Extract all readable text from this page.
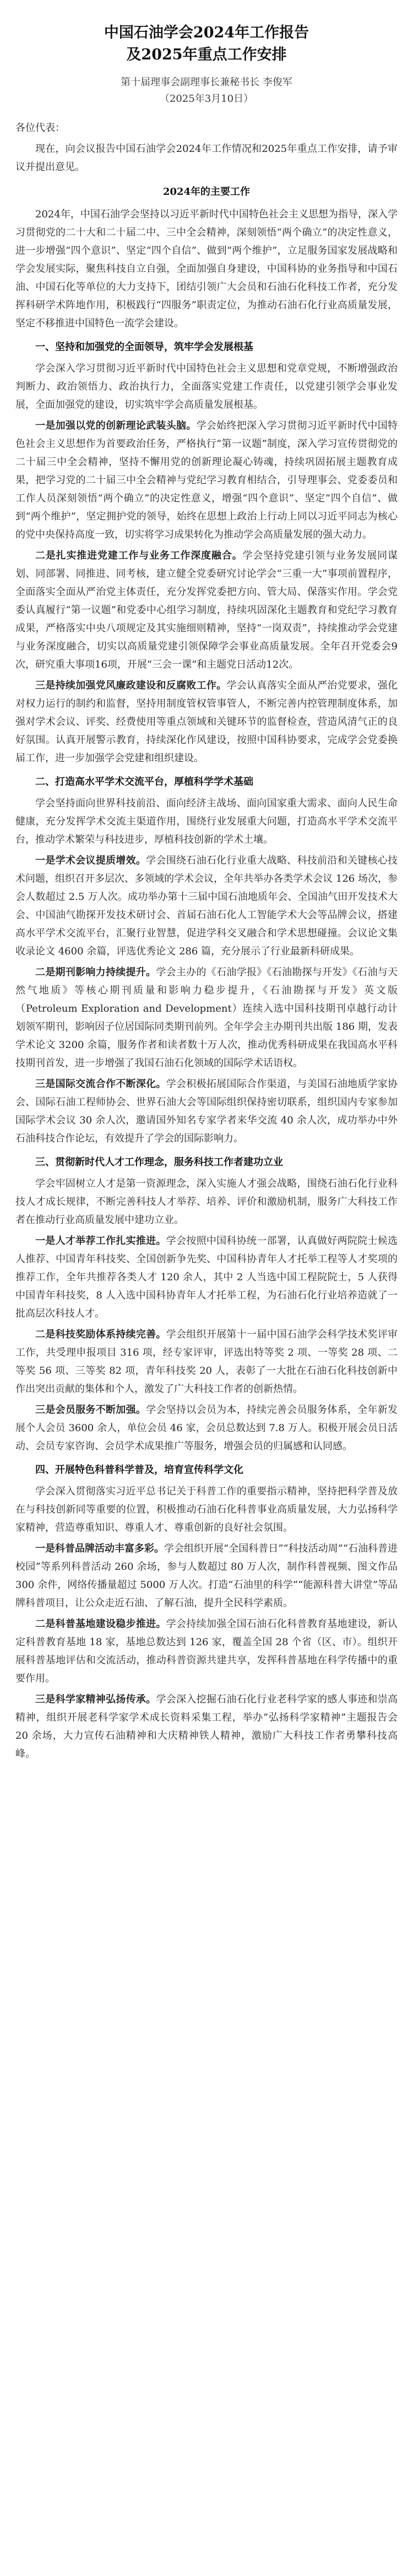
中国石油学会2024年工作报告
及2025年重点工作安排

第十届理事会副理事长兼秘书长 李俊军

（2025年3月10日）

各位代表：

现在，向会议报告中国石油学会2024年工作情况和2025年重点工作安排，请予审议并提出意见。

2024年的主要工作

2024年，中国石油学会坚持以习近平新时代中国特色社会主义思想为指导，深入学习贯彻党的二十大和二十届二中、三中全会精神，深刻领悟“两个确立”的决定性意义，进一步增强“四个意识”、坚定“四个自信”、做到“两个维护”，立足服务国家发展战略和学会发展实际，聚焦科技自立自强，全面加强自身建设，中国科协的业务指导和中国石油、中国石化等单位的大力支持下，团结引领广大会员和石油石化科技工作者，充分发挥科研学术阵地作用，积极践行“四服务”职责定位，为推动石油石化行业高质量发展，坚定不移推进中国特色一流学会建设。

一、坚持和加强党的全面领导，筑牢学会发展根基

学会深入学习贯彻习近平新时代中国特色社会主义思想和党章党规，不断增强政治判断力、政治领悟力、政治执行力，全面落实党建工作责任，以党建引领学会事业发展，全面加强党的建设，切实筑牢学会高质量发展根基。

一是加强以党的创新理论武装头脑。学会始终把深入学习贯彻习近平新时代中国特色社会主义思想作为首要政治任务，严格执行“第一议题”制度，深入学习宣传贯彻党的二十届三中全会精神，坚持不懈用党的创新理论凝心铸魂，持续巩固拓展主题教育成果，把学习党的二十届三中全会精神与党纪学习教育相结合，引导理事会、党委委员和工作人员深刻领悟“两个确立”的决定性意义，增强“四个意识”、坚定“四个自信”、做到“两个维护”，坚定拥护党的领导，始终在思想上政治上行动上同以习近平同志为核心的党中央保持高度一致，切实将学习成果转化为推动学会高质量发展的强大动力。

二是扎实推进党建工作与业务工作深度融合。学会坚持党建引领与业务发展同谋划、同部署、同推进、同考核，建立健全党委研究讨论学会“三重一大”事项前置程序，全面落实全面从严治党主体责任，充分发挥党委把方向、管大局、保落实作用。学会党委认真履行“第一议题”和党委中心组学习制度，持续巩固深化主题教育和党纪学习教育成果，严格落实中央八项规定及其实施细则精神，坚持“一岗双责”，持续推动学会党建与业务深度融合，切实以高质量党建引领保障学会事业高质量发展。全年召开党委会9次，研究重大事项16项，开展“三会一课”和主题党日活动12次。

三是持续加强党风廉政建设和反腐败工作。学会认真落实全面从严治党要求，强化对权力运行的制约和监督，坚持用制度管权管事管人，不断完善内控管理制度体系，加强对学术会议、评奖、经费使用等重点领域和关键环节的监督检查，营造风清气正的良好氛围。认真开展警示教育，持续深化作风建设，按照中国科协要求，完成学会党委换届工作，进一步加强学会党建和组织建设。

二、打造高水平学术交流平台，厚植科学学术基础

学会坚持面向世界科技前沿、面向经济主战场、面向国家重大需求、面向人民生命健康，充分发挥学术交流主渠道作用，围绕行业发展重大问题，打造高水平学术交流平台，推动学术繁荣与科技进步，厚植科技创新的学术土壤。

一是学术会议提质增效。学会围绕石油石化行业重大战略、科技前沿和关键核心技术问题，组织召开多层次、多领域的学术会议，全年共举办各类学术会议 126 场次，参会人数超过 2.5 万人次。成功举办第十三届中国石油地质年会、全国油气田开发技术大会、中国油气勘探开发技术研讨会、首届石油石化人工智能学术大会等品牌会议，搭建高水平学术交流平台，汇聚行业智慧，促进学科交叉融合和学术思想碰撞。会议论文集收录论文 4600 余篇，评选优秀论文 286 篇，充分展示了行业最新科研成果。

二是期刊影响力持续提升。学会主办的《石油学报》《石油勘探与开发》《石油与天然气地质》等核心期刊质量和影响力稳步提升，《石油勘探与开发》英文版（Petroleum Exploration and Development）连续入选中国科技期刊卓越行动计划领军期刊，影响因子位居国际同类期刊前列。全年学会主办期刊共出版 186 期，发表学术论文 3200 余篇，服务作者和读者数十万人次，推动优秀科研成果在我国高水平科技期刊首发，进一步增强了我国石油石化领域的国际学术话语权。

三是国际交流合作不断深化。学会积极拓展国际合作渠道，与美国石油地质学家协会、国际石油工程师协会、世界石油大会等国际组织保持密切联系，组织国内专家参加国际学术会议 30 余人次，邀请国外知名专家学者来华交流 40 余人次，成功举办中外石油科技合作论坛，有效提升了学会的国际影响力。

三、贯彻新时代人才工作理念，服务科技工作者建功立业

学会牢固树立人才是第一资源理念，深入实施人才强会战略，围绕石油石化行业科技人才成长规律，不断完善科技人才举荐、培养、评价和激励机制，服务广大科技工作者在推动行业高质量发展中建功立业。

一是人才举荐工作扎实推进。学会按照中国科协统一部署，认真做好两院院士候选人推荐、中国青年科技奖、全国创新争先奖、中国科协青年人才托举工程等人才奖项的推荐工作，全年共推荐各类人才 120 余人，其中 2 人当选中国工程院院士，5 人获得中国青年科技奖，8 人入选中国科协青年人才托举工程，为石油石化行业培养造就了一批高层次科技人才。

二是科技奖励体系持续完善。学会组织开展第十一届中国石油学会科学技术奖评审工作，共受理申报项目 316 项，经专家评审，评选出特等奖 2 项、一等奖 28 项、二等奖 56 项、三等奖 82 项，青年科技奖 20 人，表彰了一大批在石油石化科技创新中作出突出贡献的集体和个人，激发了广大科技工作者的创新热情。

三是会员服务不断加强。学会坚持以会员为本，持续完善会员服务体系，全年新发展个人会员 3600 余人，单位会员 46 家，会员总数达到 7.8 万人。积极开展会员日活动、会员专家咨询、会员学术成果推广等服务，增强会员的归属感和认同感。

四、开展特色科普科学普及，培育宣传科学文化

学会深入贯彻落实习近平总书记关于科普工作的重要指示精神，坚持把科学普及放在与科技创新同等重要的位置，积极推动石油石化科普事业高质量发展，大力弘扬科学家精神，营造尊重知识、尊重人才、尊重创新的良好社会氛围。

一是科普品牌活动丰富多彩。学会组织开展“全国科普日”“科技活动周”“石油科普进校园”等系列科普活动 260 余场，参与人数超过 80 万人次，制作科普视频、图文作品 300 余件，网络传播量超过 5000 万人次。打造“石油里的科学”“能源科普大讲堂”等品牌科普项目，让公众走近石油、了解石油，提升全民科学素质。

二是科普基地建设稳步推进。学会持续加强全国石油石化科普教育基地建设，新认定科普教育基地 18 家，基地总数达到 126 家，覆盖全国 28 个省（区、市）。组织开展科普基地评估和交流活动，推动科普资源共建共享，发挥科普基地在科学传播中的重要作用。

三是科学家精神弘扬传承。学会深入挖掘石油石化行业老科学家的感人事迹和崇高精神，组织开展老科学家学术成长资料采集工程，举办“弘扬科学家精神”主题报告会 20 余场，大力宣传石油精神和大庆精神铁人精神，激励广大科技工作者勇攀科技高峰。
